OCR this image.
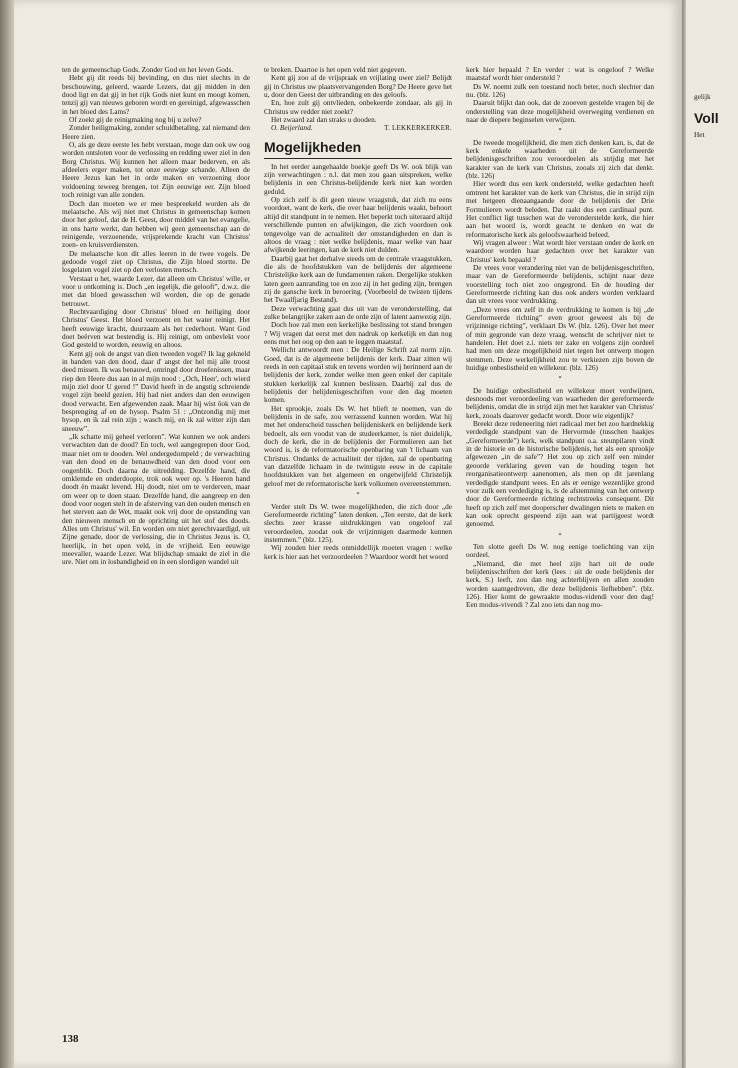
ten de gemeenschap Gods. Zonder God en het leven Gods.

Hebt gij dit reeds bij bevinding, en dus niet slechts in de beschouwing, geleerd, waarde Lezers, dat gij midden in den dood ligt en dat gij in het rijk Gods niet kunt en moogt komen, tenzij gij van nieuws geboren wordt en gereinigd, afgewasschen in het bloed des Lams?

Of zoekt gij de reinigmaking nog bij u zelve?

Zonder heiligmaking, zonder schuldbetaling, zal niemand den Heere zien.

O, als ge deze eerste les hebt verstaan, moge dan ook uw oog worden ontsloten voor de verlossing en redding uwer ziel in den Borg Christus. Wij kunnen het alleen maar bederven, en als afdeelers erger maken, tot onze eeuwige schande. Alleen de Heere Jezus kan het in orde maken en verzoening door voldoening teweeg brengen, tot Zijn eeuwige eer. Zijn bloed toch reinigt van alle zonden.

Doch dan moeten we er mee bespreekeld worden als de melaatsche. Als wij niet met Christus in gemeenschap komen door het geloof, dat de H. Geest, door middel van het evangelie, in ons harte werkt, dan hebben wij geen gemeenschap aan de reinigende, verzoenende, vrijsprekende kracht van Christus' zoen- en kruisverdiensten.

De melaatsche kon dit alles leeren in de twee vogels. De gedoode vogel ziet op Christus, die Zijn bloed stortte. De losgelaten vogel ziet op den verlosten mensch.

Verstaat u het, waarde Lezer, dat alleen om Christus' wille, er voor u ontkoming is. Doch „en iegelijk, die gelooft”, d.w.z. die met dat bloed gewasschen wil worden, die op de genade betrouwt.

Rechtvaardiging door Christus' bloed en heiliging door Christus' Geest. Het bloed verzoent en het water reinigt. Het heeft eeuwige kracht, duurzaam als het cederhout. Want God doet beërven wat bestendig is. Hij reinigt, om onbevlekt voor God gesteld te worden, eeuwig en altoos.

Kent gij ook de angst van dien tweeden vogel? Ik lag gekneld in banden van den dood, daar d' angst der hel mij alle troost deed missen. Ik was benauwd, omringd door droefenissen, maar riep den Heere dus aan in al mijn nood : „Och, Heer', och wierd mijn ziel door U gered !” David heeft in de angstig schreiende vogel zijn beeld gezien. Hij had niet anders dan den eeuwigen dood verwacht. Een afgewenden zaak. Maar hij wist ôok van de besprenging af en de hysop. Psalm 51 : „Ontzondig mij met hysop, en ik zal rein zijn ; wasch mij, en ik zal witter zijn dan sneeuw”.

„Ik schatte mij geheel verloren”. Wat kunnen we ook anders verwachten dan de dood? En toch, wel aangegrepen door God, maar niet om te dooden. Wel ondergedompeld ; de verwachting van den dood en de benauwdheid van den dood voor een oogenblik. Doch daarna de uitredding. Dezelfde hand, die omklemde en onderdoopte, trok ook weer op. 's Heeren hand doodt èn maakt levend. Hij doodt, niet om te verderven, maar om weer op te doen staan. Dezelfde hand, die aangreep en den dood voor oogen stelt in de afsterving van den ouden mensch en het sterven aan de Wet, maakt ook vrij door de opstanding van den nieuwen mensch en de oprichting uit het stof des doods. Alles om Christus' wil. En worden om niet gerechtvaardigd, uit Zijne genade, door de verlossing, die in Christus Jezus is. O, heerlijk, in het open veld, in de vrijheid. Een eeuwige meevaller, waarde Lezer. Wat blijdschap smaakt de ziel in die ure. Niet om in losbandigheid en in een slordigen wandel uit

te breken. Daartoe is het open veld niet gegeven.

Kent gij zoo al de vrijspraak en vrijlating uwer ziel? Belijdt gij in Christus uw plaatsvervangenden Borg? De Heere geve het u, door den Geest der uitbranding en des geloofs.

En, hoe zult gij ontvlieden, onbekeerde zondaar, als gij in Christus uw redder niet zoekt?

Het zwaard zal dan straks u dooden.

O. Beijerland.	T. LEKKERKERKER.

Mogelijkheden

In het eerder aangehaalde boekje geeft Ds W. ook blijk van zijn verwachtingen : n.l. dat men zou gaan uitspreken, welke belijdenis in een Christus-belijdende kerk niet kan worden geduld.

Op zich zelf is dit geen nieuw vraagstuk, dat zich nu eens voordoet, want de kerk, die over haar belijdenis waakt, behoort altijd dit standpunt in te nemen. Het beperkt toch uiteraard altijd verschillende punten en afwijkingen, die zich voordoen ook tengevolge van de actualiteit der omstandigheden en dan is altoos de vraag : niet welke belijdenis, maar welke van haar afwijkende leeringen, kan de kerk niet dulden.

Daarbij gaat het derhalve steeds om de centrale vraagstukken, die als de hoofdstukken van de belijdenis der algemeene Christelijke kerk aan de fundamenten raken. Dergelijke stukken laten geen aanranding toe en zoo zij in het geding zijn, brengen zij de gansche kerk in beroering. (Voorbeeld de twisten tijdens het Twaalfjarig Bestand).

Deze verwachting gaat dus uit van de veronderstelling, dat zulke belangrijke zaken aan de orde zijn of latent aanwezig zijn.

Doch hoe zal men een kerkelijke beslissing tot stand brengen ? Wij vragen dat eerst met den nadruk op kerkelijk en dan nog eens met het oog op den aan te leggen maatstaf.

Wellicht antwoordt men : De Heilige Schrift zal norm zijn. Goed, dat is de algemeene belijdenis der kerk. Daar zitten wij reeds in een capitaal stuk en tevens worden wij herinnerd aan de belijdenis der kerk, zonder welke men geen enkel der capitale stukken kerkelijk zal kunnen beslissen. Daarbij zal dus de belijdenis der belijdenisgeschriften voor den dag moeten komen.

Het sprookje, zoals Ds W. het blieft te noemen, van de belijdenis in de safe, zou verrassend kunnen worden. Wat hij met het onderscheid tusschen belijdeniskerk en belijdende kerk bedoelt, als een voodst van de studeerkamer, is niet duidelijk, doch de kerk, die in de belijdenis der Formulieren aan het woord is, is de reformatorische openbaring van 't lichaam van Christus. Ondanks de actualiteit der tijden, zal de openbaring van datzelfde lichaam in de twintigste eeuw in de capitale hoofdstukken van het algemeen en ongetwijfeld Christelijk geloof met de reformatorische kerk volkomen overeenstemmen.

*

Verder stelt Ds W. twee mogelijkheden, die zich door „de Gereformeerde richting” laten denken. „Ten eerste, dat de kerk slechts zeer krasse uitdrukkingen van ongeloof zal veroordeelen, zoodat ook de vrijzinnigen daarmede kunnen instemmen.” (blz. 125).

Wij zouden hier reeds onmiddellijk moeten vragen : welke kerk is hier aan het verzoordeelen ? Waardoor wordt het woord

kerk hier bepaald ? En verder : wat is ongeloof ? Welke maatstaf wordt hier ondersteld ?

Ds W. noemt zulk een toestand noch beter, noch slechter dan nu. (blz. 126)

Daaruit blijkt dan ook, dat de zooeven gestelde vragen bij de onderstelling van deze mogelijkheid overweging verdienen en naar de diepere beginselen verwijzen.

*

De tweede mogelijkheid, die men zich denken kan, is, dat de kerk enkele waarheden uit de Gereformeerde belijdenisgeschriften zou veroordeelen als strijdig met het karakter van de kerk van Christus, zooals zij zich dat denkt. (blz. 126)

Hier wordt dus een kerk ondersteld, welke gedachten heeft omtrent het karakter van de kerk van Christus, die in strijd zijn met hetgeen dienaangaande door de belijdenis der Drie Formulieren wordt beleden. Dat raakt dus een cardinaal punt. Het conflict ligt tusschen wat de veronderstelde kerk, die hier aan het woord is, wordt geacht te denken en wat de reformatorische kerk als geloofswaarheid beleed.

Wij vragen alweer : Wat wordt hier verstaan onder de kerk en waardoor worden haar gedachten over het karakter van Christus' kerk bepaald ?

De vrees voor verandering niet van de belijdenisgeschriften, maar van de Gereformeerde belijdenis, schijnt naar deze voorstelling toch niet zoo ongegrond. En de houding der Gereformeerde richting kan dus ook anders worden verklaard dan uit vrees voor verdrukking.

„Deze vrees om zelf in de verdrukking te komen is bij „de Gereformeerde richting” even groot geweest als bij de vrijzinnige richting”, verklaart Ds W. (blz. 126). Over het meer of min gegronde van deze vraag, wenscht de schrijver niet te handelen. Het doet z.i. niets ter zake en volgens zijn oordeel had men om deze mogelijkheid niet tegen het ontwerp mogen stemmen. Deze werkelijkheid zou te verkiezen zijn boven de huidige onbeslistheid en willekeur. (blz. 126)

*

De huidige onbeslistheid en willekeur moet verdwijnen, desnoods met veroordeeling van waarheden der gereformeerde belijdenis, omdat die in strijd zijn met het karakter van Christus' kerk, zooals daarover gedacht wordt. Door wie eigenlijk?

Breekt deze redeneering niet radicaal met het zoo hardnekkig verdedigde standpunt van de Hervormde (tusschen haakjes „Gereformeerde”) kerk, welk standpunt o.a. steunpilaren vindt in de historie en de historische belijdenis, het als een sprookje afgewezen „in de safe”? Het zou op zich zelf een minder geoorde verklaring geven van de houding tegen het reorganisatieontwerp aanenomen, als men op dit jarenlang verdedigde standpunt wees. En als er eenige wezenlijke grond voor zulk een verdediging is, is de afstemming van het ontwerp door de Gereformeerde richting rechtstreeks consequent. Dit heeft op zich zelf met dooperscher dwalingen niets te maken en kan ook oprecht gespeend zijn aan wat partijgeest wordt genoemd.

*

Ten slotte geeft Ds W. nog eenige toelichting van zijn oordeel.

„Niemand, die met heel zijn hart uit de oude belijdenisschriften der kerk (lees : uit de oude belijdenis der kerk, S.) leeft, zou dan nog achterblijven en allen zouden worden saamgedreven, die deze belijdenis liefhebben”. (blz. 126). Hier komt de gewraakte modus-videndi voor den dag! Een modus-vivendi ? Zal zoo iets dan nog mo-

138
gelijk
Voll
Het
